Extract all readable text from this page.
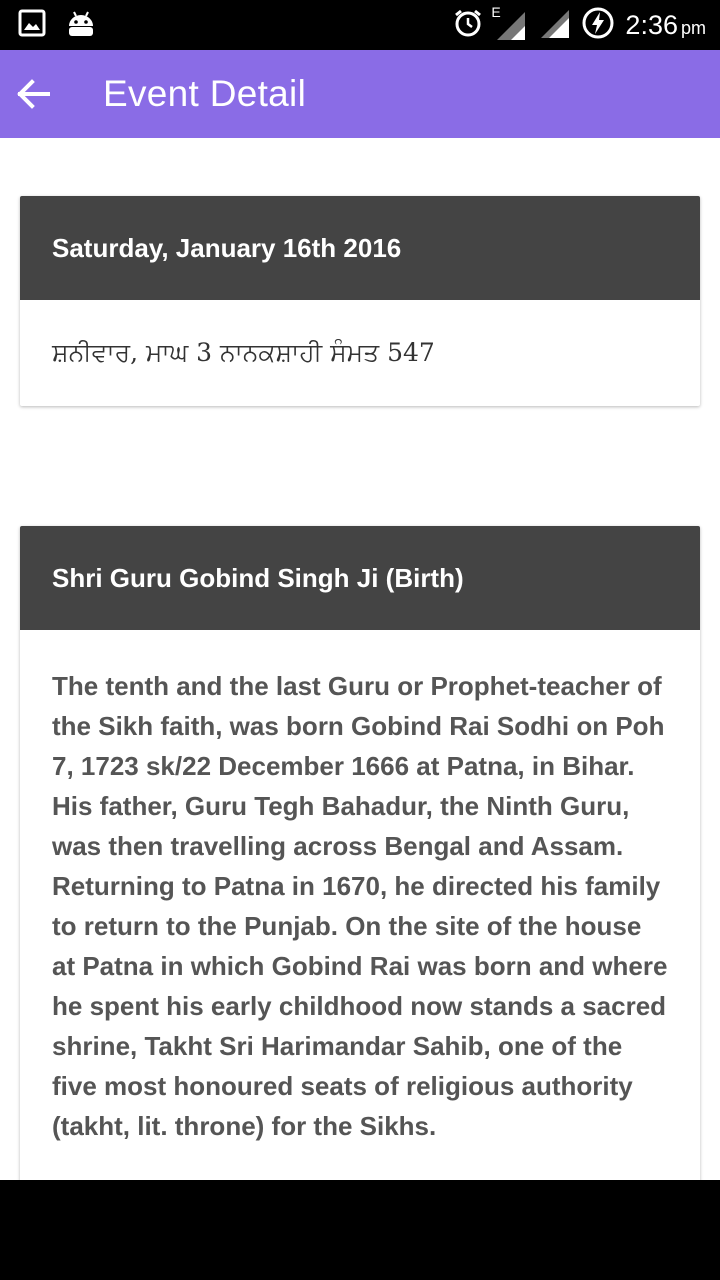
E	2:36 pm
Event Detail
Saturday, January 16th 2016
ਸ਼ਨੀਵਾਰ, ਮਾਘ 3 ਨਾਨਕਸ਼ਾਹੀ ਸੰਮਤ 547
Shri Guru Gobind Singh Ji (Birth)
The tenth and the last Guru or Prophet-teacher of the Sikh faith, was born Gobind Rai Sodhi on Poh 7, 1723 sk/22 December 1666 at Patna, in Bihar. His father, Guru Tegh Bahadur, the Ninth Guru, was then travelling across Bengal and Assam. Returning to Patna in 1670, he directed his family to return to the Punjab. On the site of the house at Patna in which Gobind Rai was born and where he spent his early childhood now stands a sacred shrine, Takht Sri Harimandar Sahib, one of the five most honoured seats of religious authority (takht, lit. throne) for the Sikhs.
